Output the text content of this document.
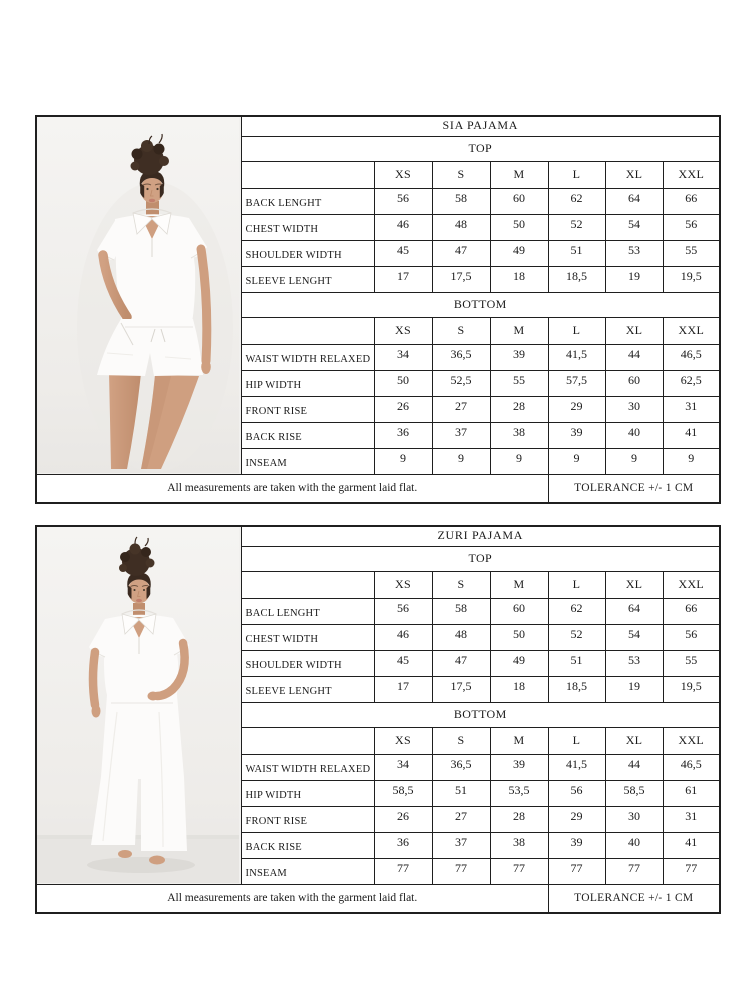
	SIA PAJAMA						
	TOP						
		XS	S	M	L	XL	XXL
	BACK LENGHT	56	58	60	62	64	66
	CHEST WIDTH	46	48	50	52	54	56
	SHOULDER WIDTH	45	47	49	51	53	55
	SLEEVE LENGHT	17	17,5	18	18,5	19	19,5
	BOTTOM						
		XS	S	M	L	XL	XXL
	WAIST WIDTH RELAXED	34	36,5	39	41,5	44	46,5
	HIP WIDTH	50	52,5	55	57,5	60	62,5
	FRONT RISE	26	27	28	29	30	31
	BACK RISE	36	37	38	39	40	41
	INSEAM	9	9	9	9	9	9
All measurements are taken with the garment laid flat.					TOLERANCE +/- 1 CM		
	ZURI PAJAMA						
	TOP						
		XS	S	M	L	XL	XXL
	BACL LENGHT	56	58	60	62	64	66
	CHEST WIDTH	46	48	50	52	54	56
	SHOULDER WIDTH	45	47	49	51	53	55
	SLEEVE LENGHT	17	17,5	18	18,5	19	19,5
	BOTTOM						
		XS	S	M	L	XL	XXL
	WAIST WIDTH RELAXED	34	36,5	39	41,5	44	46,5
	HIP WIDTH	58,5	51	53,5	56	58,5	61
	FRONT RISE	26	27	28	29	30	31
	BACK RISE	36	37	38	39	40	41
	INSEAM	77	77	77	77	77	77
All measurements are taken with the garment laid flat.					TOLERANCE +/- 1 CM		
